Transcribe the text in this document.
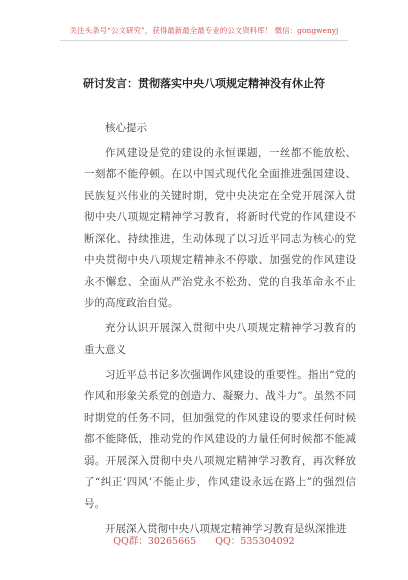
关注头条号“公文研究”，获得最新最全最专业的公文资料库！ 微信：gongwenyj
研讨发言：贯彻落实中央八项规定精神没有休止符

核心提示

作风建设是党的建设的永恒课题，一丝都不能放松、一刻都不能停顿。在以中国式现代化全面推进强国建设、民族复兴伟业的关键时期，党中央决定在全党开展深入贯彻中央八项规定精神学习教育，将新时代党的作风建设不断深化、持续推进，生动体现了以习近平同志为核心的党中央贯彻中央八项规定精神永不停歇、加强党的作风建设永不懈怠、全面从严治党永不松劲、党的自我革命永不止步的高度政治自觉。

充分认识开展深入贯彻中央八项规定精神学习教育的重大意义

习近平总书记多次强调作风建设的重要性。指出“党的作风和形象关系党的创造力、凝聚力、战斗力”。虽然不同时期党的任务不同，但加强党的作风建设的要求任何时候都不能降低，推动党的作风建设的力量任何时候都不能减弱。开展深入贯彻中央八项规定精神学习教育，再次释放了“纠正‘四风’不能止步，作风建设永远在路上”的强烈信号。

开展深入贯彻中央八项规定精神学习教育是纵深推进

QQ群：30265665 QQ：535304092
